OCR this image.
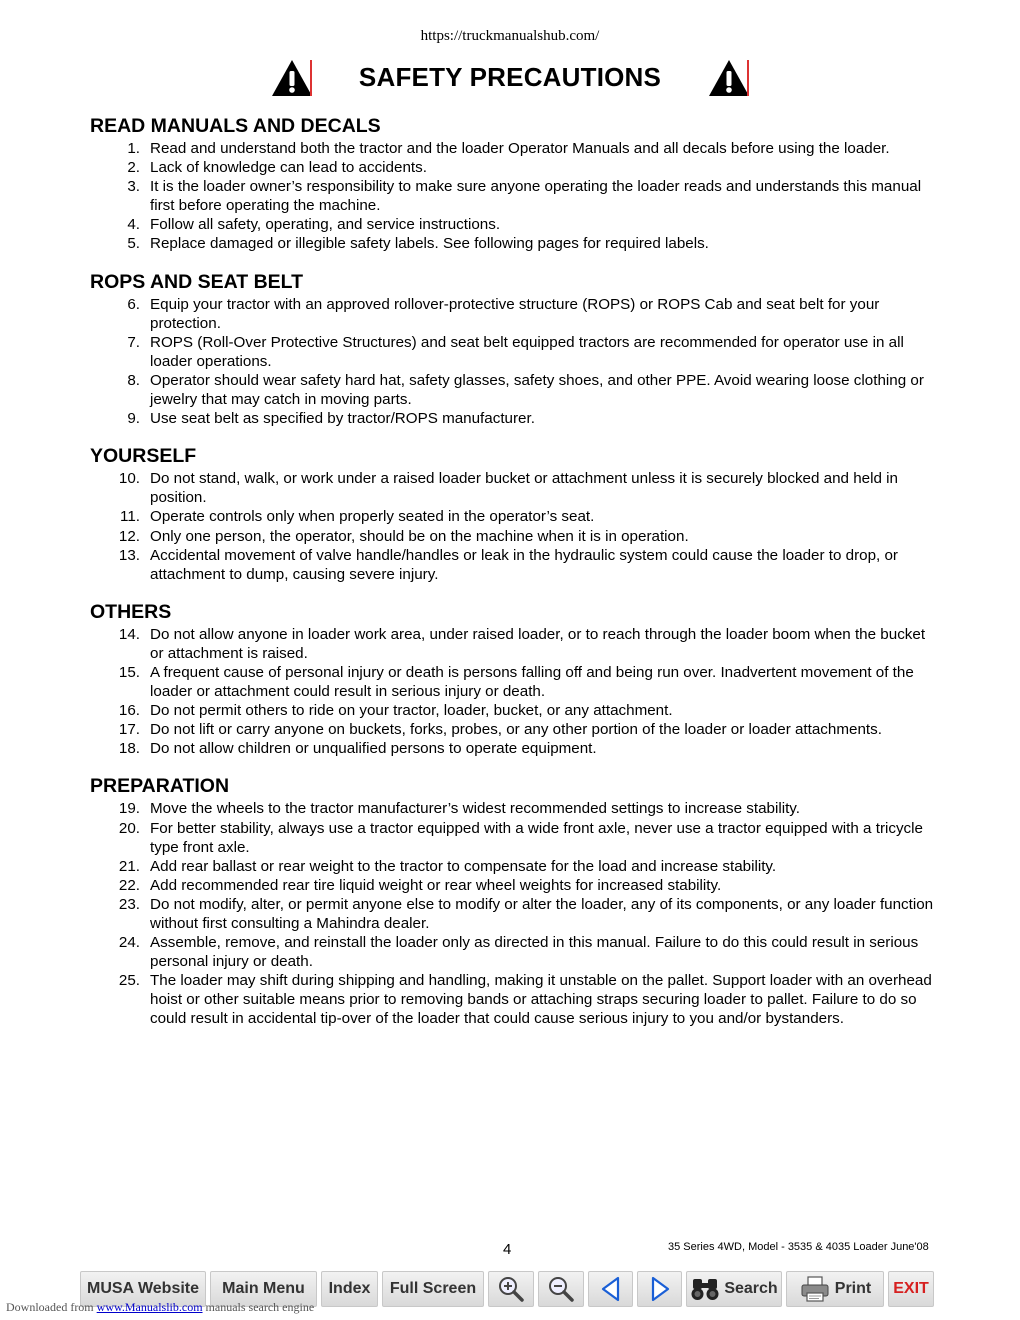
https://truckmanualshub.com/
SAFETY PRECAUTIONS
READ MANUALS AND DECALS
1. Read and understand both the tractor and the loader Operator Manuals and all decals before using the loader.
2. Lack of knowledge can lead to accidents.
3. It is the loader owner’s responsibility to make sure anyone operating the loader reads and understands this manual first before operating the machine.
4. Follow all safety, operating, and service instructions.
5. Replace damaged or illegible safety labels. See following pages for required labels.
ROPS AND SEAT BELT
6. Equip your tractor with an approved rollover-protective structure (ROPS) or ROPS Cab and seat belt for your protection.
7. ROPS (Roll-Over Protective Structures) and seat belt equipped tractors are recommended for operator use in all loader operations.
8. Operator should wear safety hard hat, safety glasses, safety shoes, and other PPE. Avoid wearing loose clothing or jewelry that may catch in moving parts.
9. Use seat belt as specified by tractor/ROPS manufacturer.
YOURSELF
10. Do not stand, walk, or work under a raised loader bucket or attachment unless it is securely blocked and held in position.
11. Operate controls only when properly seated in the operator’s seat.
12. Only one person, the operator, should be on the machine when it is in operation.
13. Accidental movement of valve handle/handles or leak in the hydraulic system could cause the loader to drop, or attachment to dump, causing severe injury.
OTHERS
14. Do not allow anyone in loader work area, under raised loader, or to reach through the loader boom when the bucket or attachment is raised.
15. A frequent cause of personal injury or death is persons falling off and being run over. Inadvertent movement of the loader or attachment could result in serious injury or death.
16. Do not permit others to ride on your tractor, loader, bucket, or any attachment.
17. Do not lift or carry anyone on buckets, forks, probes, or any other portion of the loader or loader attachments.
18. Do not allow children or unqualified persons to operate equipment.
PREPARATION
19. Move the wheels to the tractor manufacturer’s widest recommended settings to increase stability.
20. For better stability, always use a tractor equipped with a wide front axle, never use a tractor equipped with a tricycle type front axle.
21. Add rear ballast or rear weight to the tractor to compensate for the load and increase stability.
22. Add recommended rear tire liquid weight or rear wheel weights for increased stability.
23. Do not modify, alter, or permit anyone else to modify or alter the loader, any of its components, or any loader function without first consulting a Mahindra dealer.
24. Assemble, remove, and reinstall the loader only as directed in this manual. Failure to do this could result in serious personal injury or death.
25. The loader may shift during shipping and handling, making it unstable on the pallet. Support loader with an overhead hoist or other suitable means prior to removing bands or attaching straps securing loader to pallet. Failure to do so could result in accidental tip-over of the loader that could cause serious injury to you and/or bystanders.
4	35 Series 4WD, Model - 3535 & 4035 Loader June'08
MUSA Website Main Menu Index Full Screen	Search	Print EXIT
Downloaded from www.Manualslib.com manuals search engine
